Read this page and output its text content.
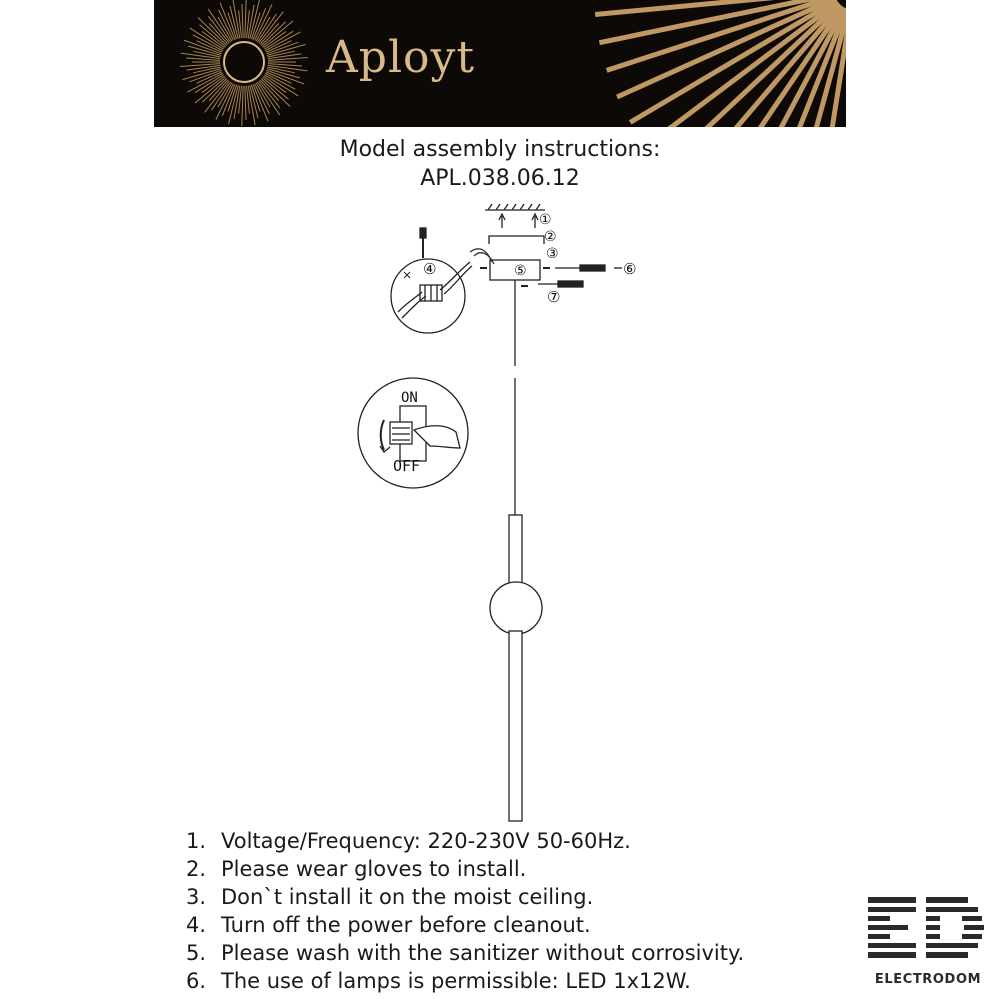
Aployt
Model assembly instructions:
APL.038.06.12
①
②
③
④	⑤	⑥
⑦
ON
OFF
1. Voltage/Frequency: 220-230V 50-60Hz.
2. Please wear gloves to install.
3. Don`t install it on the moist ceiling.
4. Turn off the power before cleanout.
5. Please wash with the sanitizer without corrosivity.
6. The use of lamps is permissible: LED 1x12W.	ELECTRODOM
